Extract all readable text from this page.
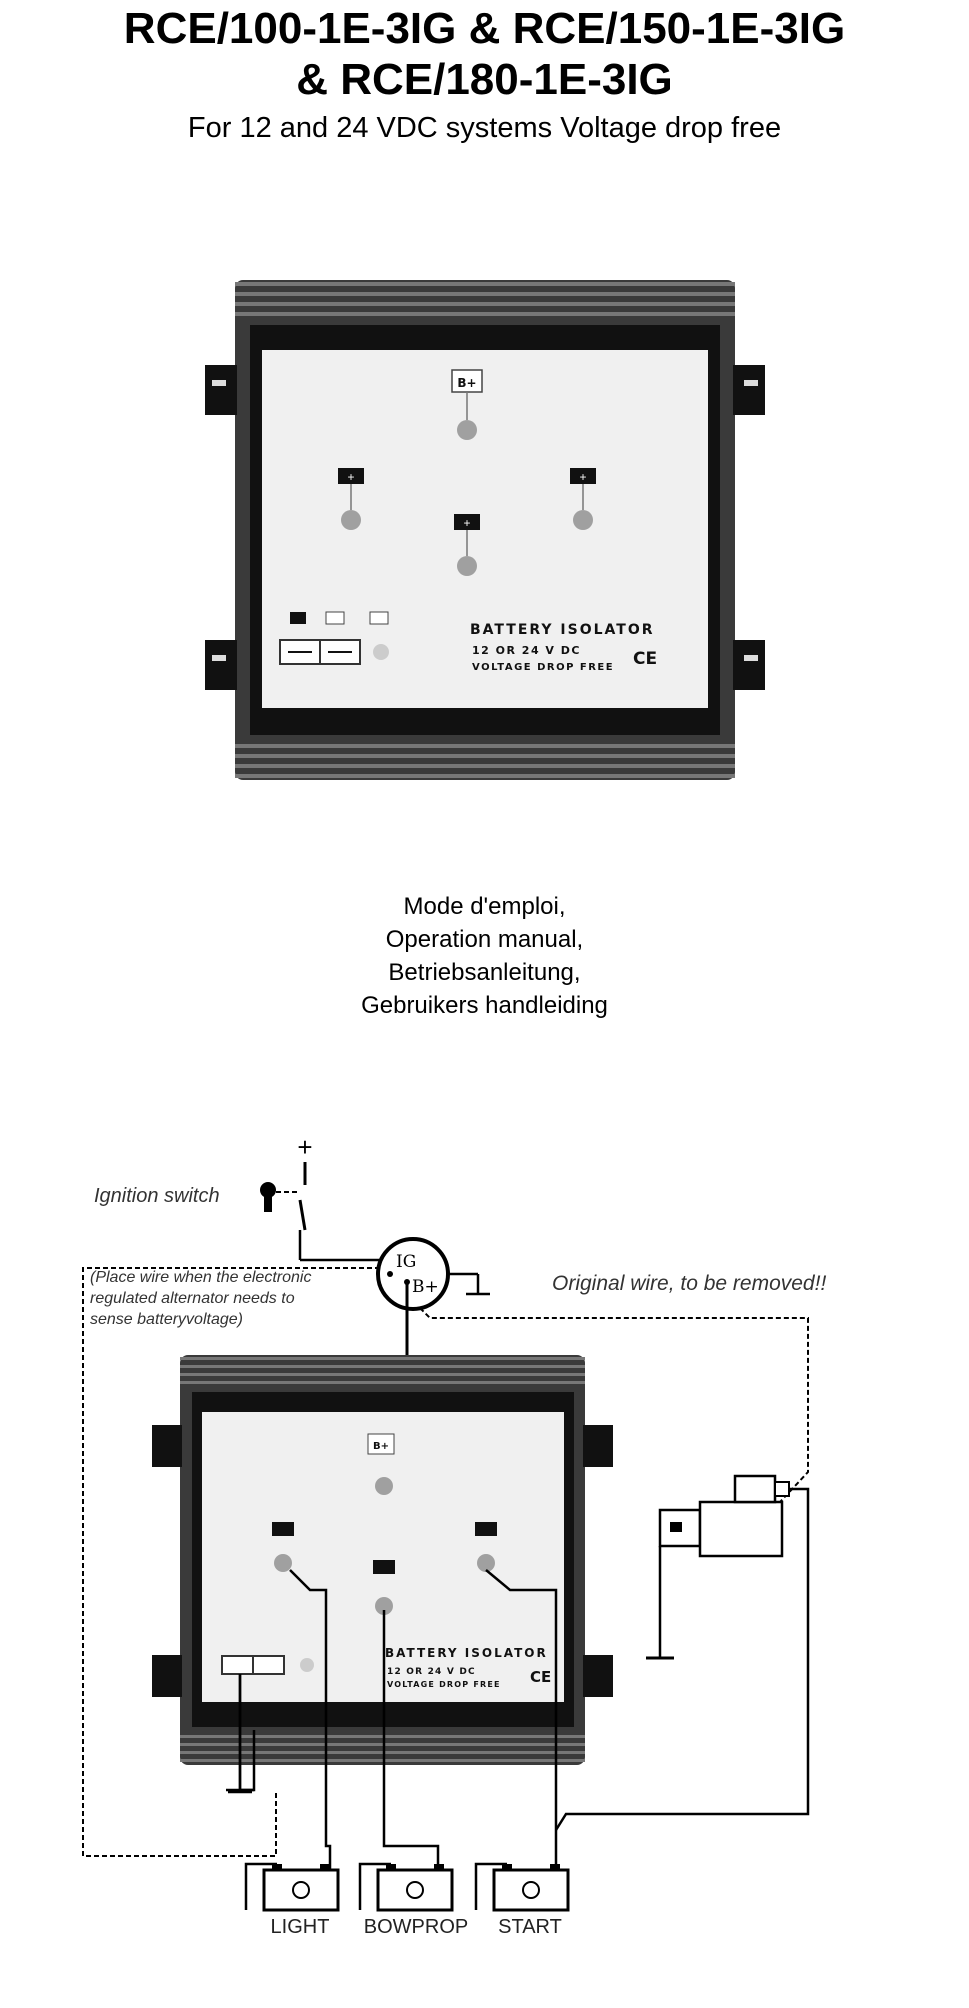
RCE/100-1E-3IG & RCE/150-1E-3IG
& RCE/180-1E-3IG
For 12 and 24 VDC systems Voltage drop free
B+
+
+
+
BATTERY ISOLATOR
12 OR 24 V DC
VOLTAGE DROP FREE CE
Mode d'emploi,
Operation manual,
Betriebsanleitung,
Gebruikers handleiding
+
Ignition switch
IG
B+
(Place wire when the electronic
regulated alternator needs to
sense batteryvoltage)
Original wire, to be removed!!
B+
BATTERY ISOLATOR
12 OR 24 V DC
VOLTAGE DROP FREE CE
LIGHT	BOWPROP	START
